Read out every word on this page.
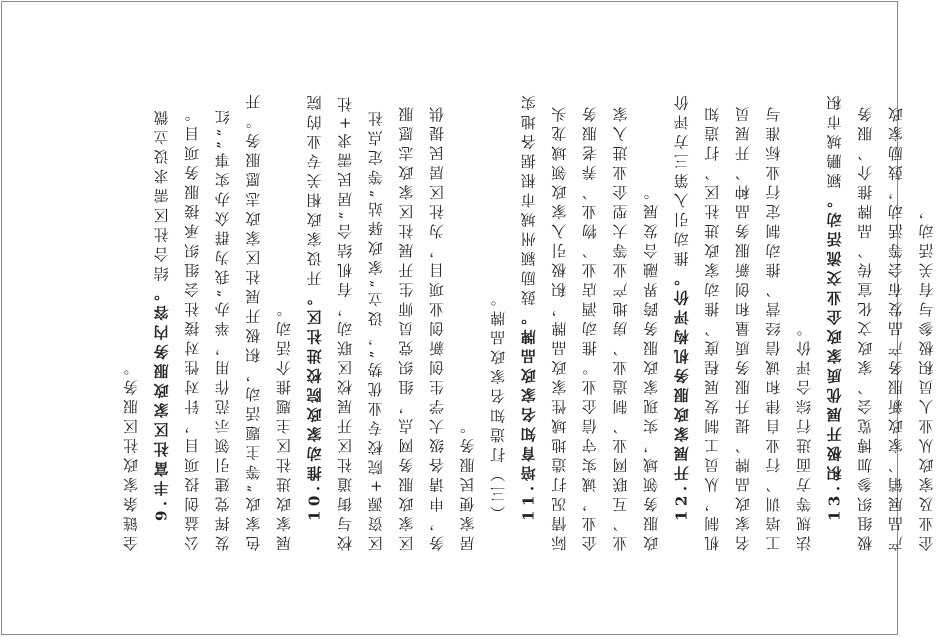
全链条家政社区服务。 9.丰富社区家政服务内容。结合社区需求设立微公益创投项目，针对性对接社会组织承接服务项目。发挥党建引领示范作用，举办“我为群众办实事”“红色家政”等主题活动，积极开展社区家政志愿服务。开展家政进社区主题推介活动。 10.推动家政院校进社区。开设家政相关专业的院校与街道社区开展校区联动，有机结合“居民需求+社区资源+院校专业优势”，设立“家政驿站”等定点社区家政服务网点，组织党员师生开展社区家政志愿服务，申请各级大学生创新创业项目，为社区居民提供居家便民服务。 （三）打造知名家政品牌。 11.培育知名家政品牌。鼓励颍州城市根据各地实际情况打造地域性家政品牌，积极引入家政领域龙头企业，诚实守信企业。推动酒店业、物业、养老服务业、互联网业、制造业、房地产业等大型企业进入家政服务领域，实现家政服务跨界融合发展。 12.开展家政服务机构评价。推动引入第三方评价机制，从员工制发展程度、推动家政进社区、打造知名家政品牌、提升服务质量和创新服务品种、开展员工培训、行业自律和诚信经营、推动制定行业标准与法规等方面进行综合评价。 13.积极开展优质家政企业交流活动。颍鹏城市积极组织参加博览会、家政文化宣传、品牌推介、服务产品展销、家政新服务产品发布会等活动，鼓励家政企业及家政从业人员积极参与有关活动，
